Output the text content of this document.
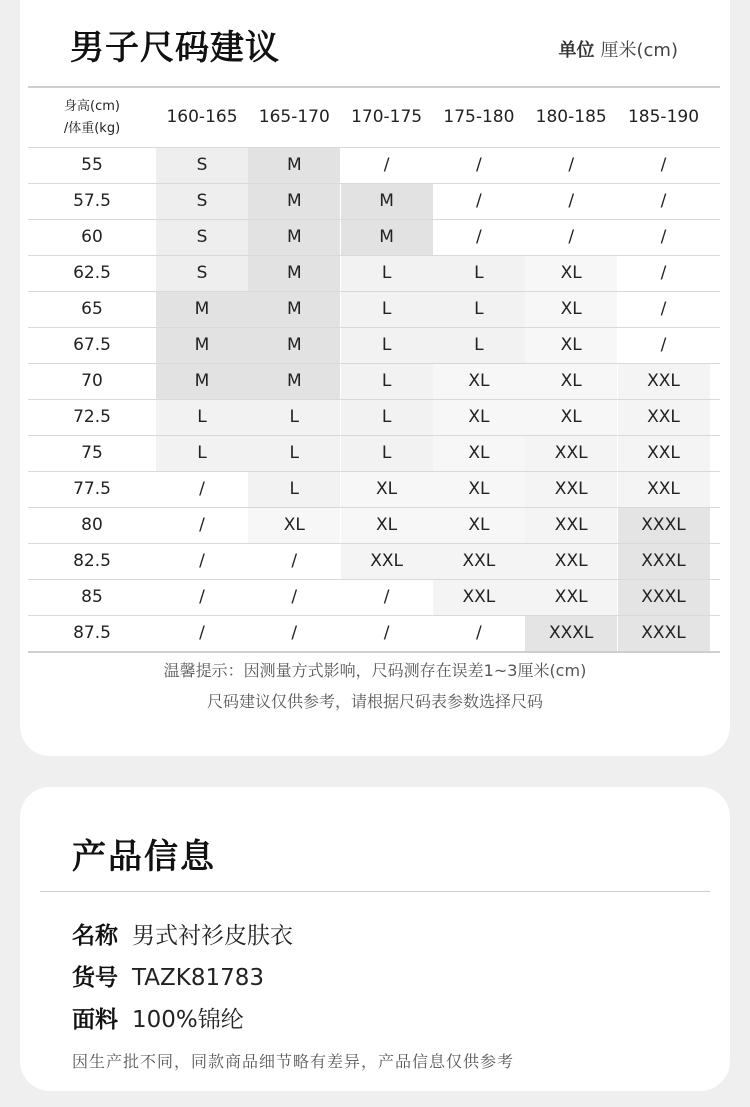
男子尺码建议	单位 厘米(cm)
身高(cm)
/体重(kg)
160-165	165-170	170-175	175-180	180-185	185-190
55	S	M	/	/	/	/
57.5	S	M	M	/	/	/
60	S	M	M	/	/	/
62.5	S	M	L	L	XL	/
65	M	M	L	L	XL	/
67.5	M	M	L	L	XL	/
70	M	M	L	XL	XL	XXL
72.5	L	L	L	XL	XL	XXL
75	L	L	L	XL	XXL	XXL
77.5	/	L	XL	XL	XXL	XXL
80	/	XL	XL	XL	XXL	XXXL
82.5	/	/	XXL	XXL	XXL	XXXL
85	/	/	/	XXL	XXL	XXXL
87.5	/	/	/	/	XXXL	XXXL
温馨提示：因测量方式影响，尺码测存在误差1~3厘米(cm)
尺码建议仅供参考，请根据尺码表参数选择尺码
产品信息
名称 男式衬衫皮肤衣
货号 TAZK81783
面料 100%锦纶
因生产批不同，同款商品细节略有差异，产品信息仅供参考
